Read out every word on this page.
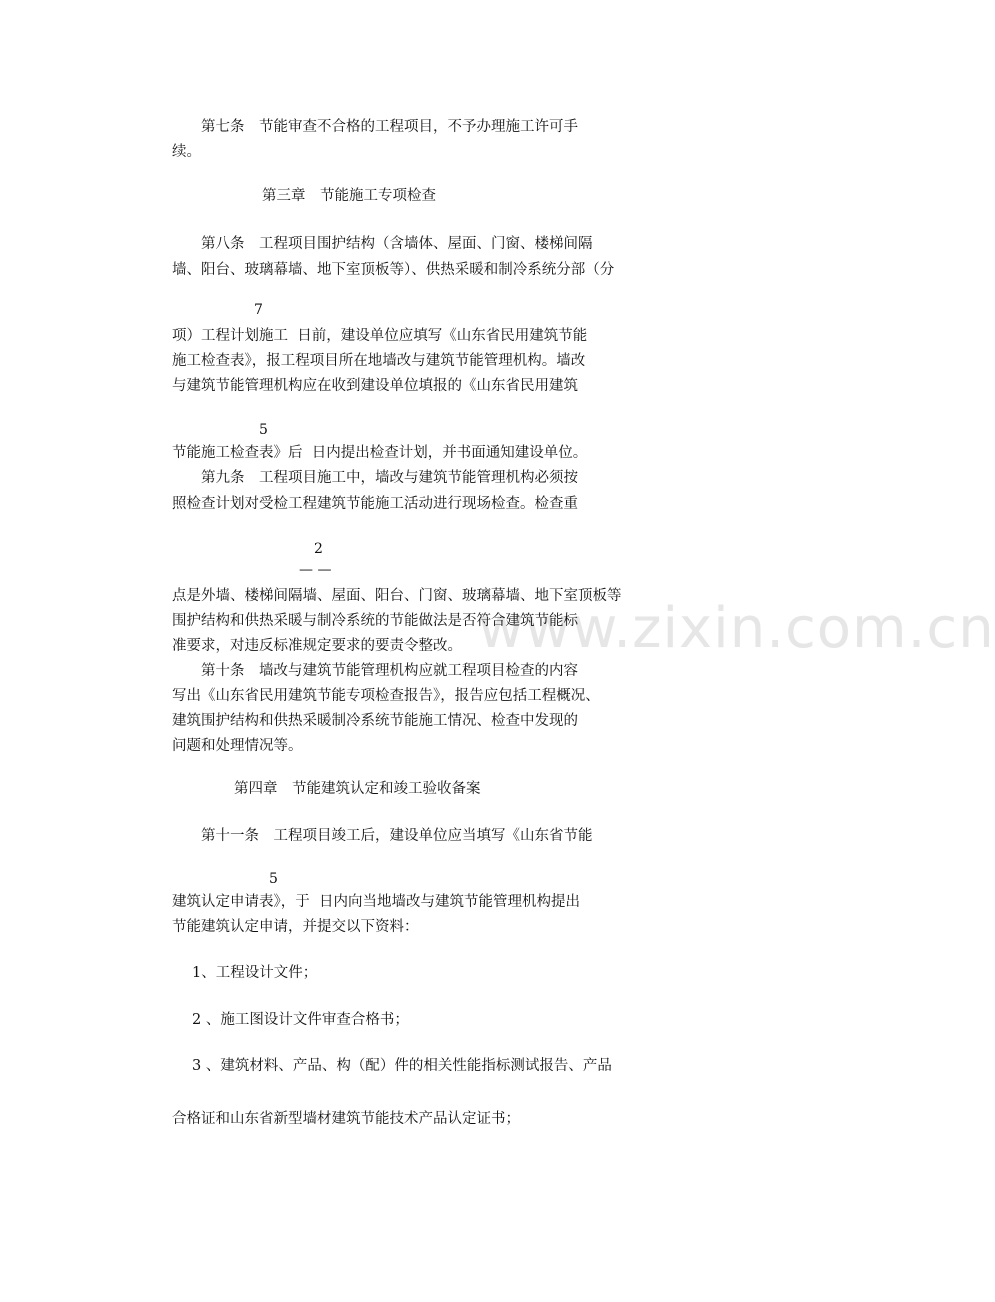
www.zixin.com.cn
　　第七条　节能审查不合格的工程项目，不予办理施工许可手
续。
第三章　节能施工专项检查
　　第八条　工程项目围护结构（含墙体、屋面、门窗、楼梯间隔
墙、阳台、玻璃幕墙、地下室顶板等）、供热采暖和制冷系统分部（分
7
项）工程计划施工  日前，建设单位应填写《山东省民用建筑节能
施工检查表》，报工程项目所在地墙改与建筑节能管理机构。墙改
与建筑节能管理机构应在收到建设单位填报的《山东省民用建筑
5
节能施工检查表》后  日内提出检查计划，并书面通知建设单位。
　　第九条　工程项目施工中，墙改与建筑节能管理机构必须按
照检查计划对受检工程建筑节能施工活动进行现场检查。检查重
2
— —
点是外墙、楼梯间隔墙、屋面、阳台、门窗、玻璃幕墙、地下室顶板等
围护结构和供热采暖与制冷系统的节能做法是否符合建筑节能标
准要求，对违反标准规定要求的要责令整改。
　　第十条　墙改与建筑节能管理机构应就工程项目检查的内容
写出《山东省民用建筑节能专项检查报告》，报告应包括工程概况、
建筑围护结构和供热采暖制冷系统节能施工情况、检查中发现的
问题和处理情况等。
第四章　节能建筑认定和竣工验收备案
　　第十一条　工程项目竣工后，建设单位应当填写《山东省节能
5
建筑认定申请表》，于  日内向当地墙改与建筑节能管理机构提出
节能建筑认定申请，并提交以下资料：
1、工程设计文件；
2 、施工图设计文件审查合格书；
3 、建筑材料、产品、构（配）件的相关性能指标测试报告、产品
合格证和山东省新型墙材建筑节能技术产品认定证书；
